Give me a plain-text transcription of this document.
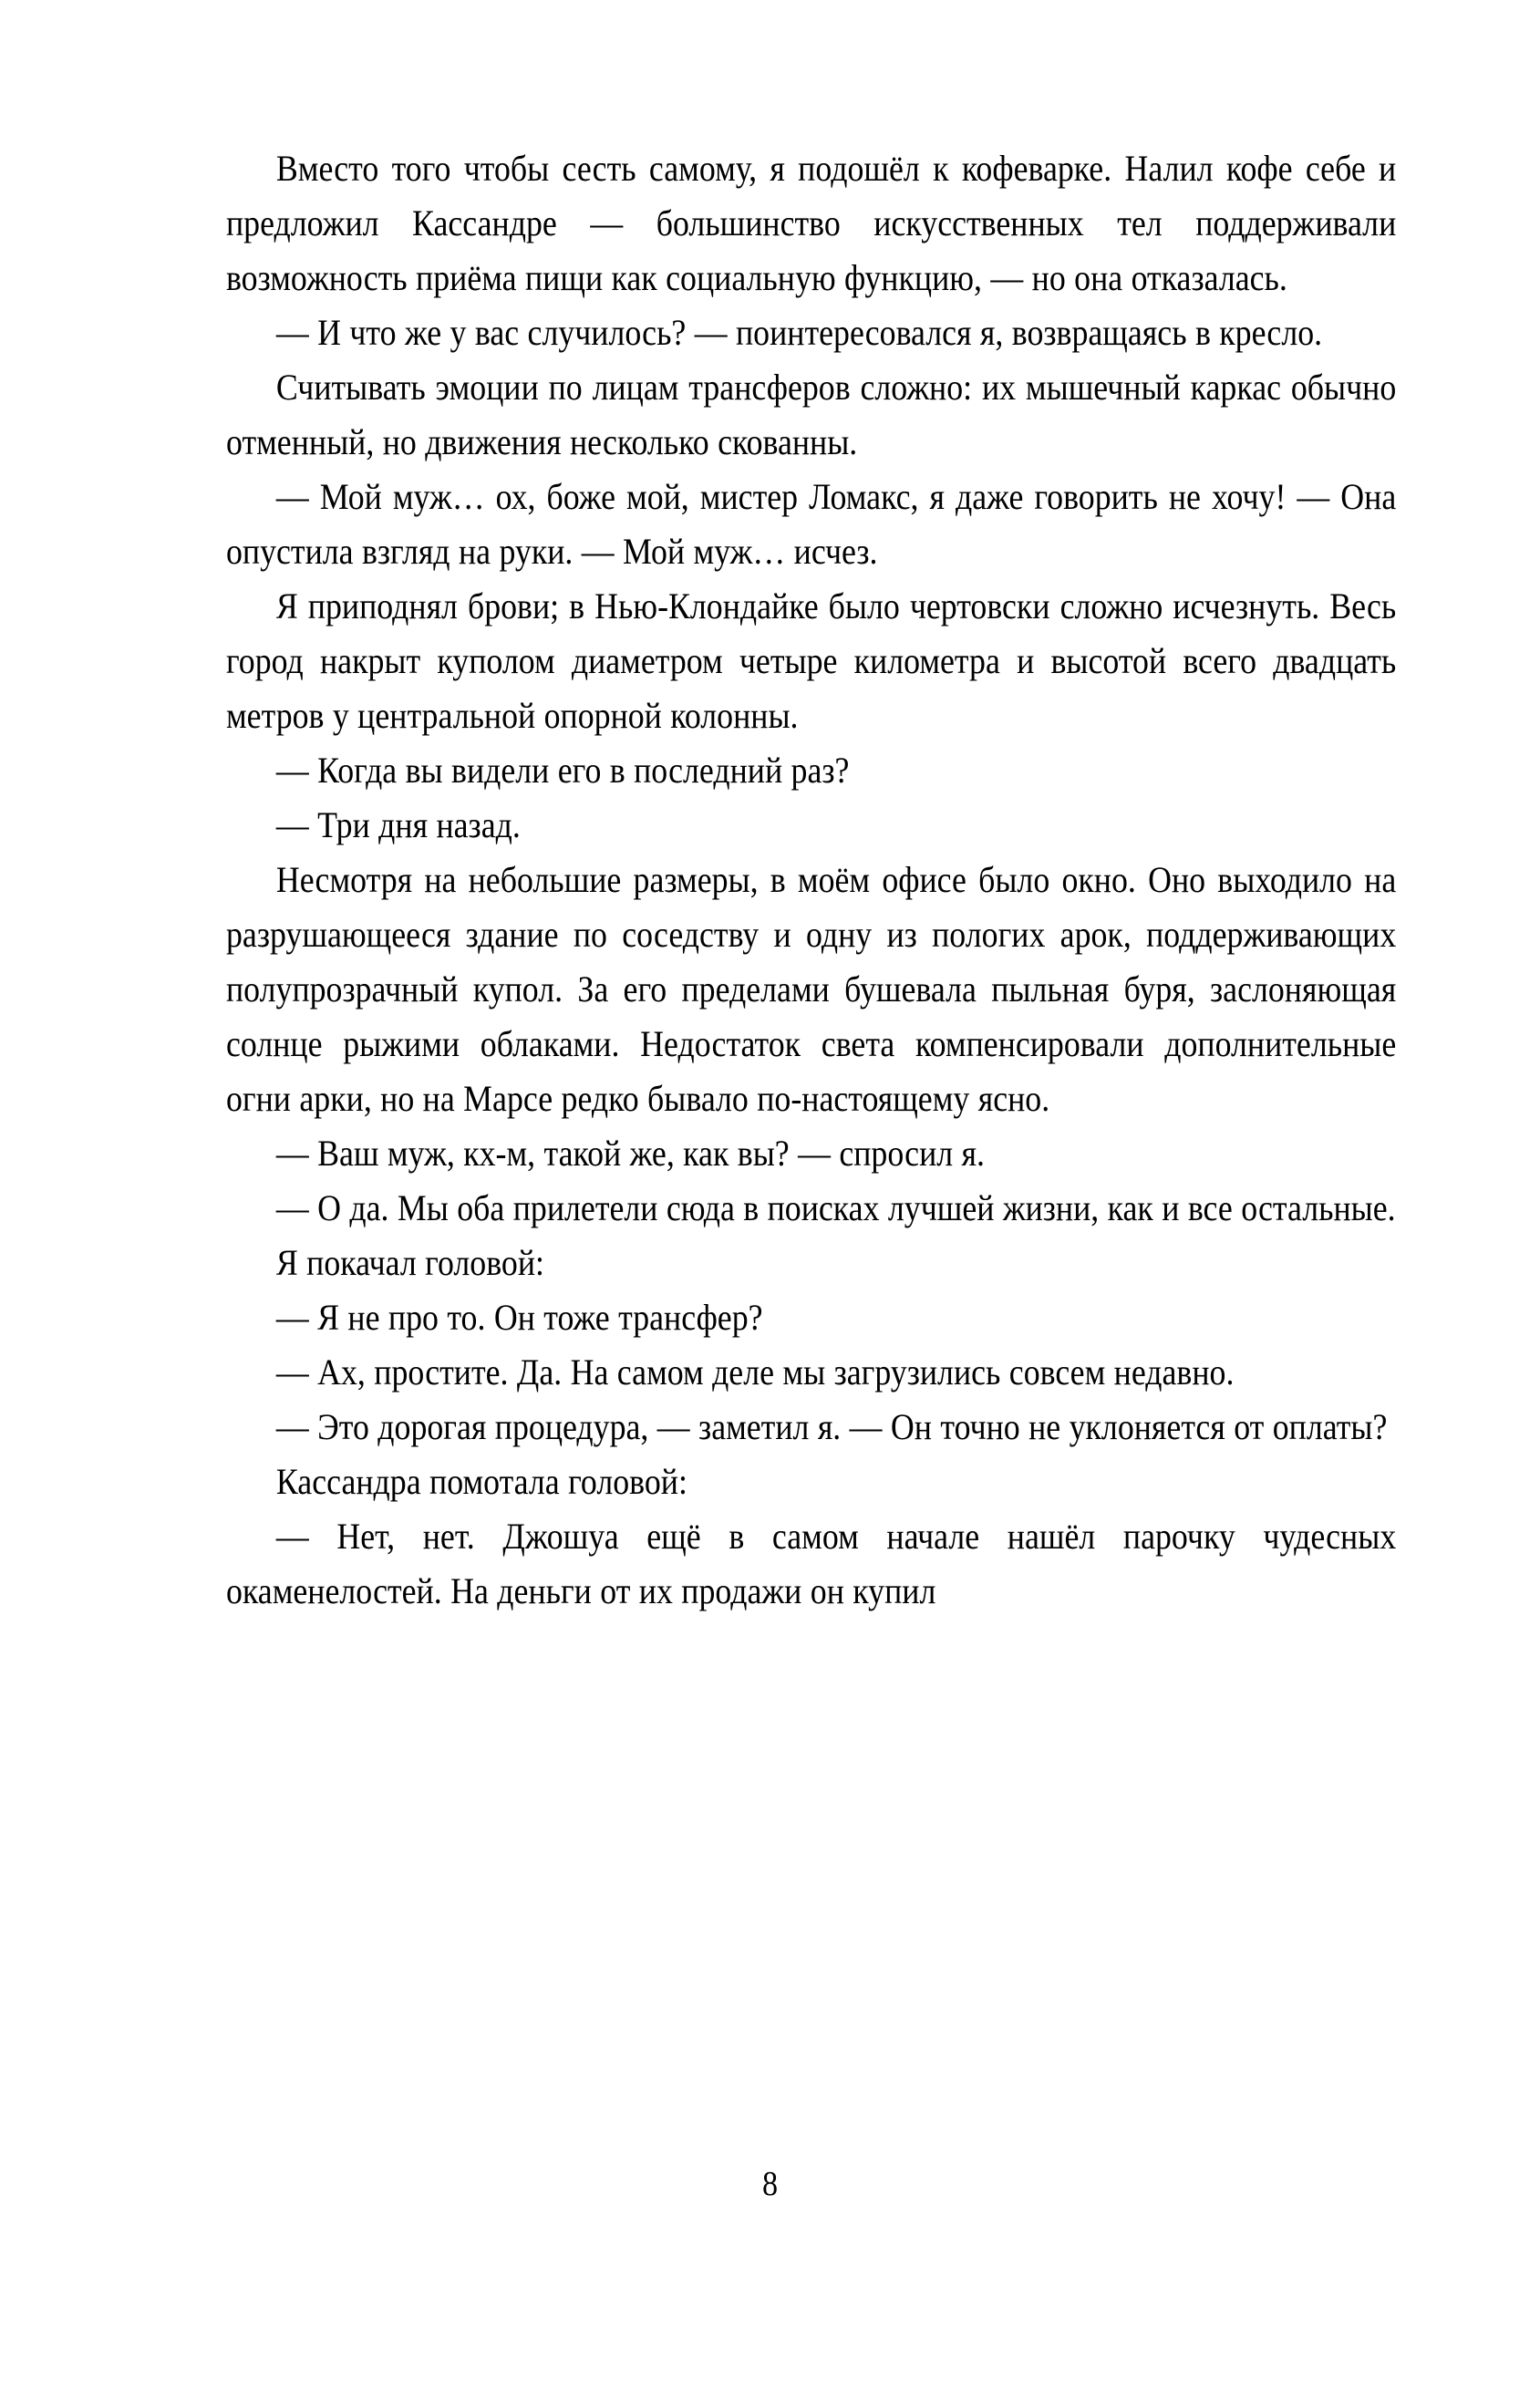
Вместо того чтобы сесть самому, я подошёл к кофеварке. Налил кофе себе и предложил Кассандре — большинство искусственных тел поддерживали возможность приёма пищи как социальную функцию, — но она отказалась.

— И что же у вас случилось? — поинтересовался я, возвращаясь в кресло.

Считывать эмоции по лицам трансферов сложно: их мышечный каркас обычно отменный, но движения несколько скованны.

— Мой муж… ох, боже мой, мистер Ломакс, я даже говорить не хочу! — Она опустила взгляд на руки. — Мой муж… исчез.

Я приподнял брови; в Нью-Клондайке было чертовски сложно исчезнуть. Весь город накрыт куполом диаметром четыре километра и высотой всего двадцать метров у центральной опорной колонны.

— Когда вы видели его в последний раз?

— Три дня назад.

Несмотря на небольшие размеры, в моём офисе было окно. Оно выходило на разрушающееся здание по соседству и одну из пологих арок, поддерживающих полупрозрачный купол. За его пределами бушевала пыльная буря, заслоняющая солнце рыжими облаками. Недостаток света компенсировали дополнительные огни арки, но на Марсе редко бывало по-настоящему ясно.

— Ваш муж, кх-м, такой же, как вы? — спросил я.

— О да. Мы оба прилетели сюда в поисках лучшей жизни, как и все остальные.

Я покачал головой:

— Я не про то. Он тоже трансфер?

— Ах, простите. Да. На самом деле мы загрузились совсем недавно.

— Это дорогая процедура, — заметил я. — Он точно не уклоняется от оплаты?

Кассандра помотала головой:

— Нет, нет. Джошуа ещё в самом начале нашёл парочку чудесных окаменелостей. На деньги от их продажи он купил

8
